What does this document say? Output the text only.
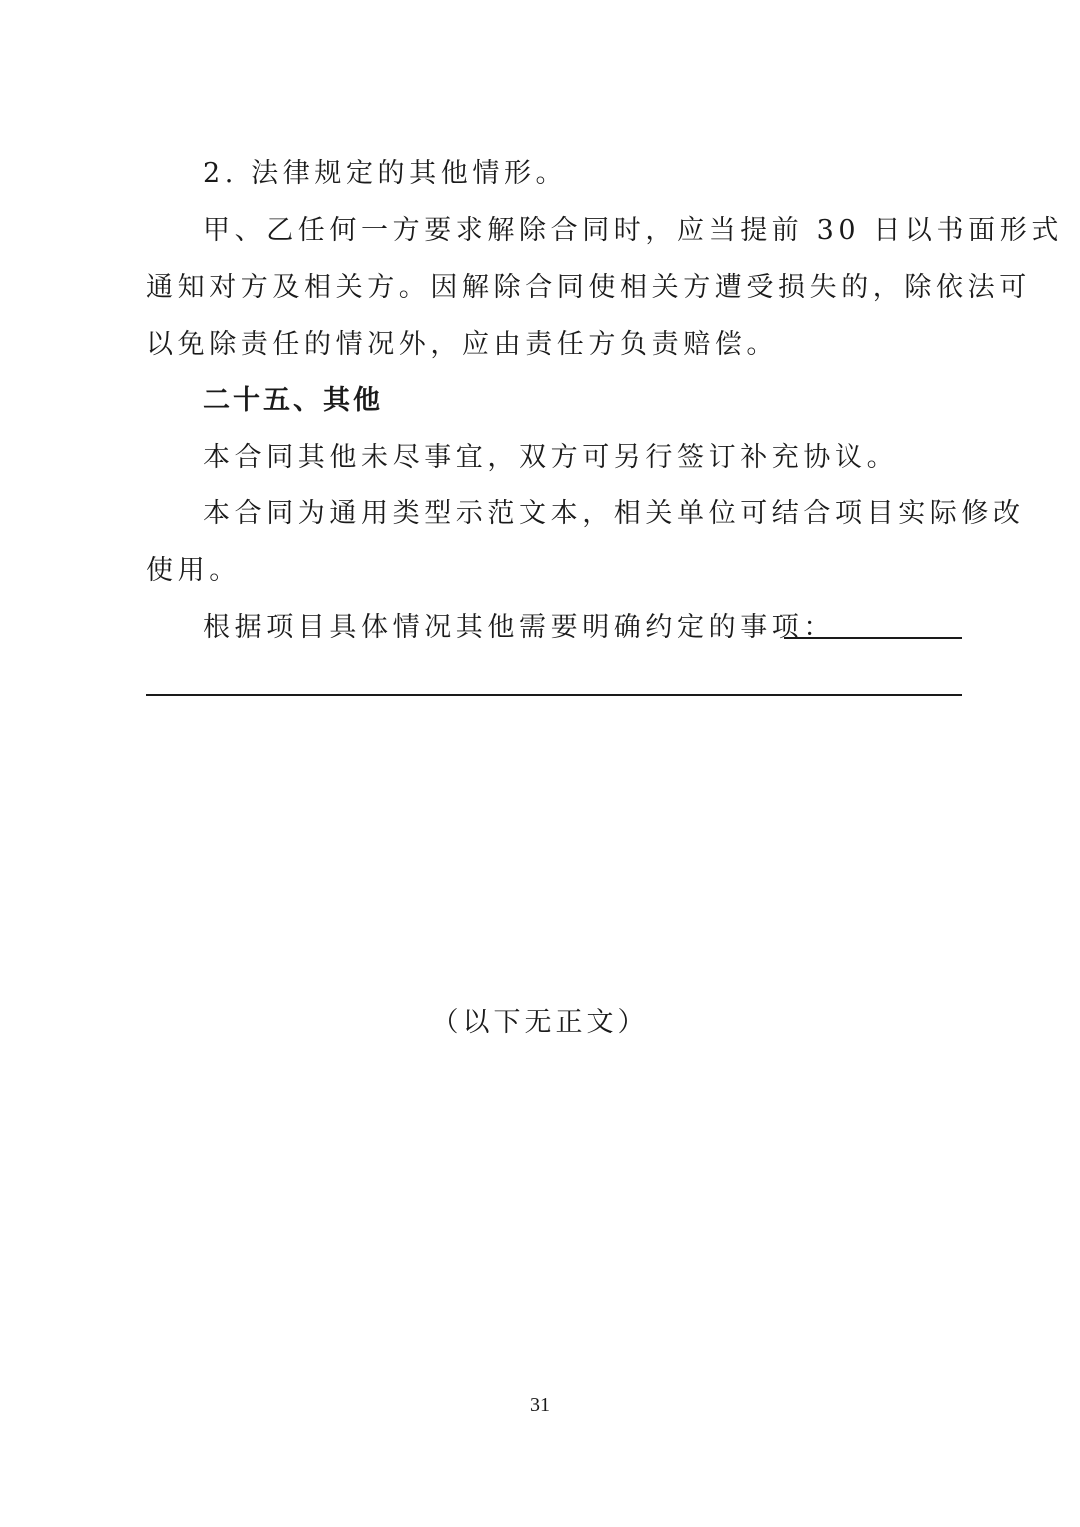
2. 法律规定的其他情形。
甲、乙任何一方要求解除合同时，应当提前 30 日以书面形式
通知对方及相关方。因解除合同使相关方遭受损失的，除依法可
以免除责任的情况外，应由责任方负责赔偿。
二十五、其他
本合同其他未尽事宜，双方可另行签订补充协议。
本合同为通用类型示范文本，相关单位可结合项目实际修改
使用。
根据项目具体情况其他需要明确约定的事项：
（以下无正文）
31
